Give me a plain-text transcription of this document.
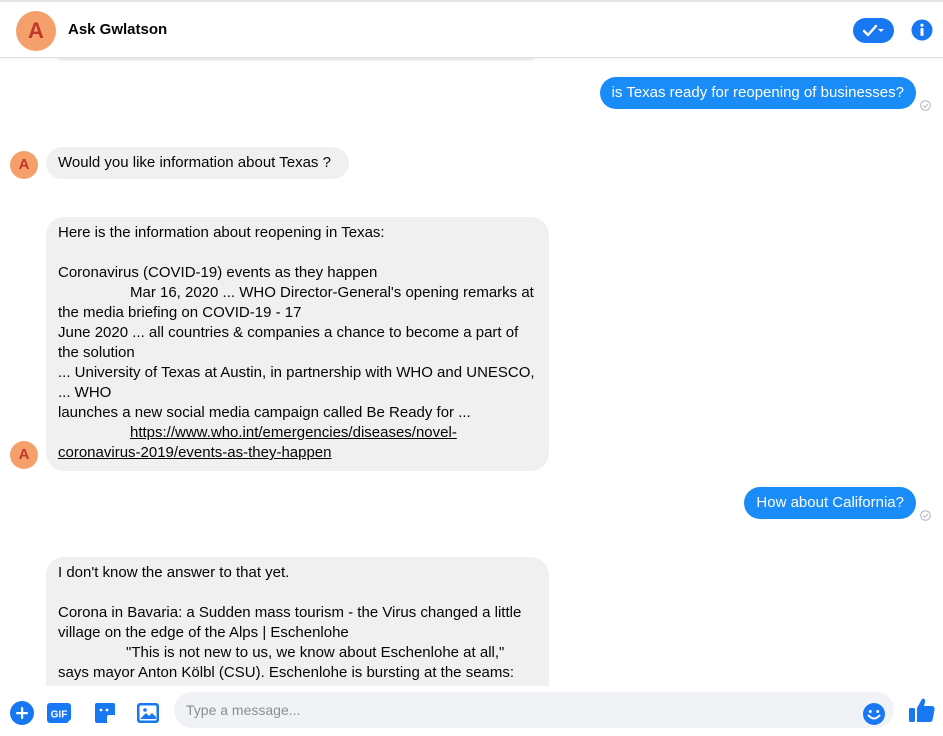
A	Ask Gwlatson
is Texas ready for reopening of businesses?
A	Would you like information about Texas ?
Here is the information about reopening in Texas:
Coronavirus (COVID-19) events as they happen
Mar 16, 2020 ... WHO Director-General's opening remarks at the media briefing on COVID-19 - 17
June 2020 ... all countries & companies a chance to become a part of the solution
... University of Texas at Austin, in partnership with WHO and UNESCO, ... WHO
launches a new social media campaign called Be Ready for ...
https://www.who.int/emergencies/diseases/novel-coronavirus-2019/events-as-they-happen
A
How about California?
I don't know the answer to that yet.
Corona in Bavaria: a Sudden mass tourism - the Virus changed a little village on the edge of the Alps | Eschenlohe
"This is not new to us, we know about Eschenlohe at all," says mayor Anton Kölbl (CSU). Eschenlohe is bursting at the seams:
GIF
Type a message...
